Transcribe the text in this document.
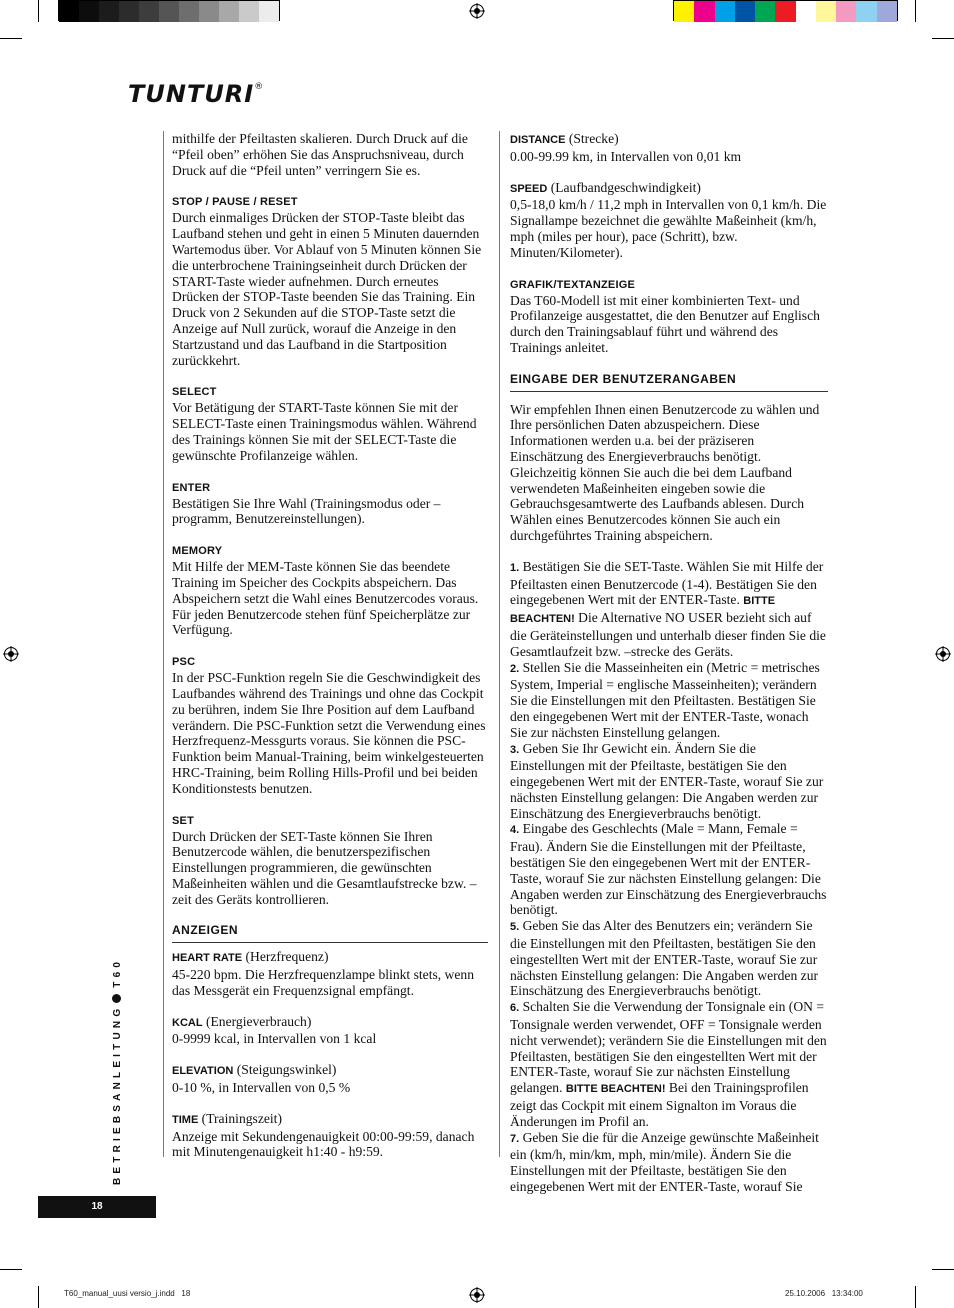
TUNTURI®

mithilfe der Pfeiltasten skalieren. Durch Druck auf die “Pfeil oben” erhöhen Sie das Anspruchsniveau, durch Druck auf die “Pfeil unten” verringern Sie es.

STOP / PAUSE / RESET

Durch einmaliges Drücken der STOP-Taste bleibt das Laufband stehen und geht in einen 5 Minuten dauernden Wartemodus über. Vor Ablauf von 5 Minuten können Sie die unterbrochene Trainingseinheit durch Drücken der START-Taste wieder aufnehmen. Durch erneutes Drücken der STOP-Taste beenden Sie das Training. Ein Druck von 2 Sekunden auf die STOP-Taste setzt die Anzeige auf Null zurück, worauf die Anzeige in den Startzustand und das Laufband in die Startposition zurückkehrt.

SELECT

Vor Betätigung der START-Taste können Sie mit der SELECT-Taste einen Trainingsmodus wählen. Während des Trainings können Sie mit der SELECT-Taste die gewünschte Profilanzeige wählen.

ENTER

Bestätigen Sie Ihre Wahl (Trainingsmodus oder –programm, Benutzereinstellungen).

MEMORY

Mit Hilfe der MEM-Taste können Sie das beendete Training im Speicher des Cockpits abspeichern. Das Abspeichern setzt die Wahl eines Benutzercodes voraus. Für jeden Benutzercode stehen fünf Speicherplätze zur Verfügung.

PSC

In der PSC-Funktion regeln Sie die Geschwindigkeit des Laufbandes während des Trainings und ohne das Cockpit zu berühren, indem Sie Ihre Position auf dem Laufband verändern. Die PSC-Funktion setzt die Verwendung eines Herzfrequenz-Messgurts voraus. Sie können die PSC-Funktion beim Manual-Training, beim winkelgesteuerten HRC-Training, beim Rolling Hills-Profil und bei beiden Konditionstests benutzen.

SET

Durch Drücken der SET-Taste können Sie Ihren Benutzercode wählen, die benutzerspezifischen Einstellungen programmieren, die gewünschten Maßeinheiten wählen und die Gesamtlaufstrecke bzw. –zeit des Geräts kontrollieren.

ANZEIGEN
HEART RATE (Herzfrequenz)

45-220 bpm. Die Herzfrequenzlampe blinkt stets, wenn das Messgerät ein Frequenzsignal empfängt.

KCAL (Energieverbrauch)

0-9999 kcal, in Intervallen von 1 kcal

ELEVATION (Steigungswinkel)

0-10 %, in Intervallen von 0,5 %

TIME (Trainingszeit)

Anzeige mit Sekundengenauigkeit 00:00-99:59, danach mit Minutengenauigkeit h1:40 - h9:59.

DISTANCE (Strecke)

0.00-99.99 km, in Intervallen von 0,01 km

SPEED (Laufbandgeschwindigkeit)

0,5-18,0 km/h / 11,2 mph in Intervallen von 0,1 km/h. Die Signallampe bezeichnet die gewählte Maßeinheit (km/h, mph (miles per hour), pace (Schritt), bzw. Minuten/Kilometer).

GRAFIK/TEXTANZEIGE

Das T60-Modell ist mit einer kombinierten Text- und Profilanzeige ausgestattet, die den Benutzer auf Englisch durch den Trainingsablauf führt und während des Trainings anleitet.

EINGABE DER BENUTZERANGABEN

Wir empfehlen Ihnen einen Benutzercode zu wählen und Ihre persönlichen Daten abzuspeichern. Diese Informationen werden u.a. bei der präziseren Einschätzung des Energieverbrauchs benötigt. Gleichzeitig können Sie auch die bei dem Laufband verwendeten Maßeinheiten eingeben sowie die Gebrauchsgesamtwerte des Laufbands ablesen. Durch Wählen eines Benutzercodes können Sie auch ein durchgeführtes Training abspeichern.

1. Bestätigen Sie die SET-Taste. Wählen Sie mit Hilfe der Pfeiltasten einen Benutzercode (1-4). Bestätigen Sie den eingegebenen Wert mit der ENTER-Taste. BITTE BEACHTEN! Die Alternative NO USER bezieht sich auf die Geräteinstellungen und unterhalb dieser finden Sie die Gesamtlaufzeit bzw. –strecke des Geräts.

2. Stellen Sie die Masseinheiten ein (Metric = metrisches System, Imperial = englische Masseinheiten); verändern Sie die Einstellungen mit den Pfeiltasten. Bestätigen Sie den eingegebenen Wert mit der ENTER-Taste, wonach Sie zur nächsten Einstellung gelangen.

3. Geben Sie Ihr Gewicht ein. Ändern Sie die Einstellungen mit der Pfeiltaste, bestätigen Sie den eingegebenen Wert mit der ENTER-Taste, worauf Sie zur nächsten Einstellung gelangen: Die Angaben werden zur Einschätzung des Energieverbrauchs benötigt.

4. Eingabe des Geschlechts (Male = Mann, Female = Frau). Ändern Sie die Einstellungen mit der Pfeiltaste, bestätigen Sie den eingegebenen Wert mit der ENTER-Taste, worauf Sie zur nächsten Einstellung gelangen: Die Angaben werden zur Einschätzung des Energieverbrauchs benötigt.

5. Geben Sie das Alter des Benutzers ein; verändern Sie die Einstellungen mit den Pfeiltasten, bestätigen Sie den eingestellten Wert mit der ENTER-Taste, worauf Sie zur nächsten Einstellung gelangen: Die Angaben werden zur Einschätzung des Energieverbrauchs benötigt.

6. Schalten Sie die Verwendung der Tonsignale ein (ON = Tonsignale werden verwendet, OFF = Tonsignale werden nicht verwendet); verändern Sie die Einstellungen mit den Pfeiltasten, bestätigen Sie den eingestellten Wert mit der ENTER-Taste, worauf Sie zur nächsten Einstellung gelangen. BITTE BEACHTEN! Bei den Trainingsprofilen zeigt das Cockpit mit einem Signalton im Voraus die Änderungen im Profil an.

7. Geben Sie die für die Anzeige gewünschte Maßeinheit ein (km/h, min/km, mph, min/mile). Ändern Sie die Einstellungen mit der Pfeiltaste, bestätigen Sie den eingegebenen Wert mit der ENTER-Taste, worauf Sie

BETRIEBSANLEITUNGT60
18
T60_manual_uusi versio_j.indd   18	25.10.2006   13:34:00
